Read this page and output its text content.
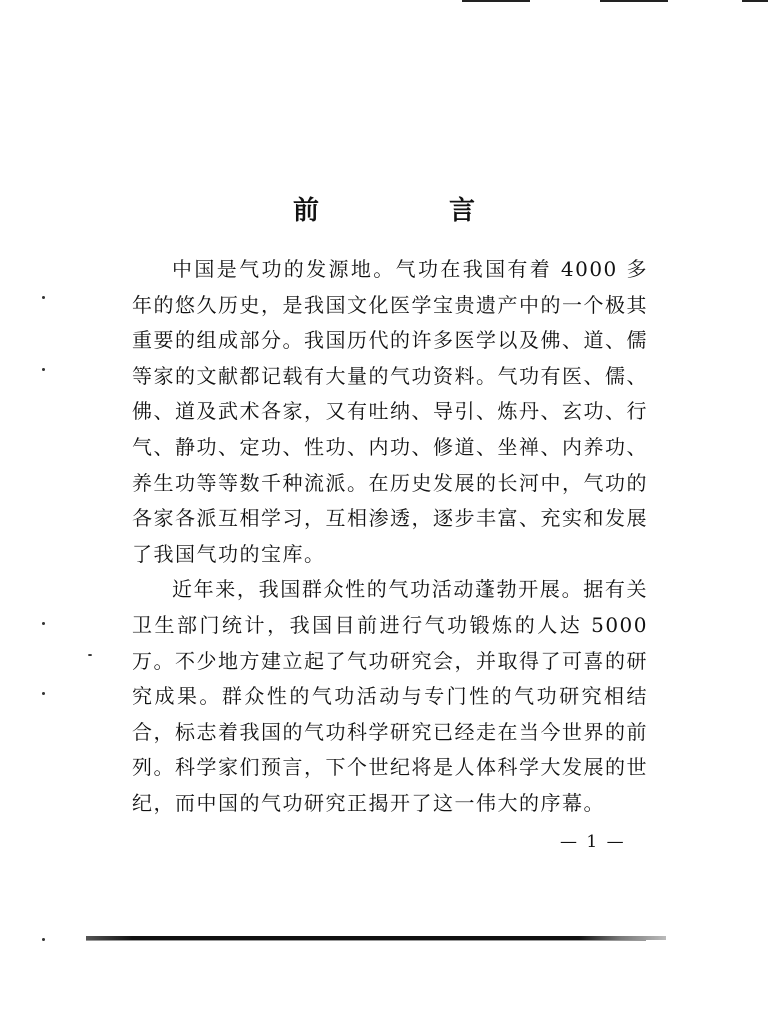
前　言

中国是气功的发源地。气功在我国有着 4000 多年的悠久历史，是我国文化医学宝贵遗产中的一个极其重要的组成部分。我国历代的许多医学以及佛、道、儒等家的文献都记载有大量的气功资料。气功有医、儒、佛、道及武术各家，又有吐纳、导引、炼丹、玄功、行气、静功、定功、性功、内功、修道、坐禅、内养功、养生功等等数千种流派。在历史发展的长河中，气功的各家各派互相学习，互相渗透，逐步丰富、充实和发展了我国气功的宝库。

近年来，我国群众性的气功活动蓬勃开展。据有关卫生部门统计，我国目前进行气功锻炼的人达 5000 万。不少地方建立起了气功研究会，并取得了可喜的研究成果。群众性的气功活动与专门性的气功研究相结合，标志着我国的气功科学研究已经走在当今世界的前列。科学家们预言，下个世纪将是人体科学大发展的世纪，而中国的气功研究正揭开了这一伟大的序幕。

— 1 —
